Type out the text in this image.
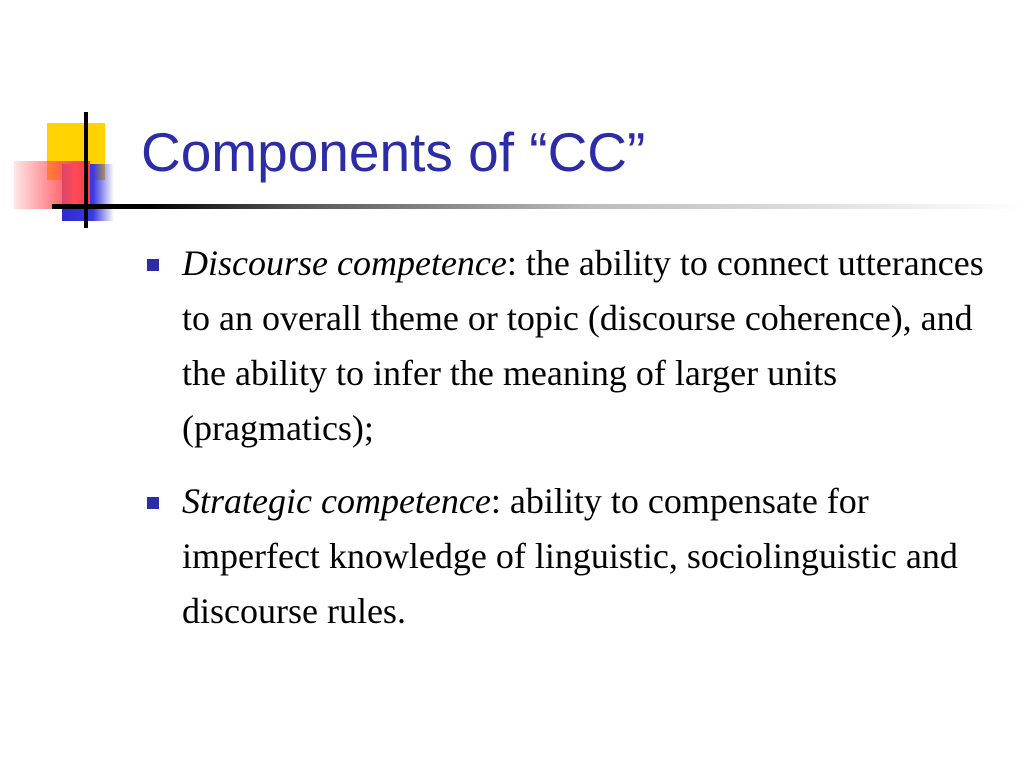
Components of “CC”
Discourse competence: the ability to connect utterances to an overall theme or topic (discourse coherence), and the ability to infer the meaning of larger units (pragmatics);
Strategic competence: ability to compensate for imperfect knowledge of linguistic, sociolinguistic and discourse rules.
